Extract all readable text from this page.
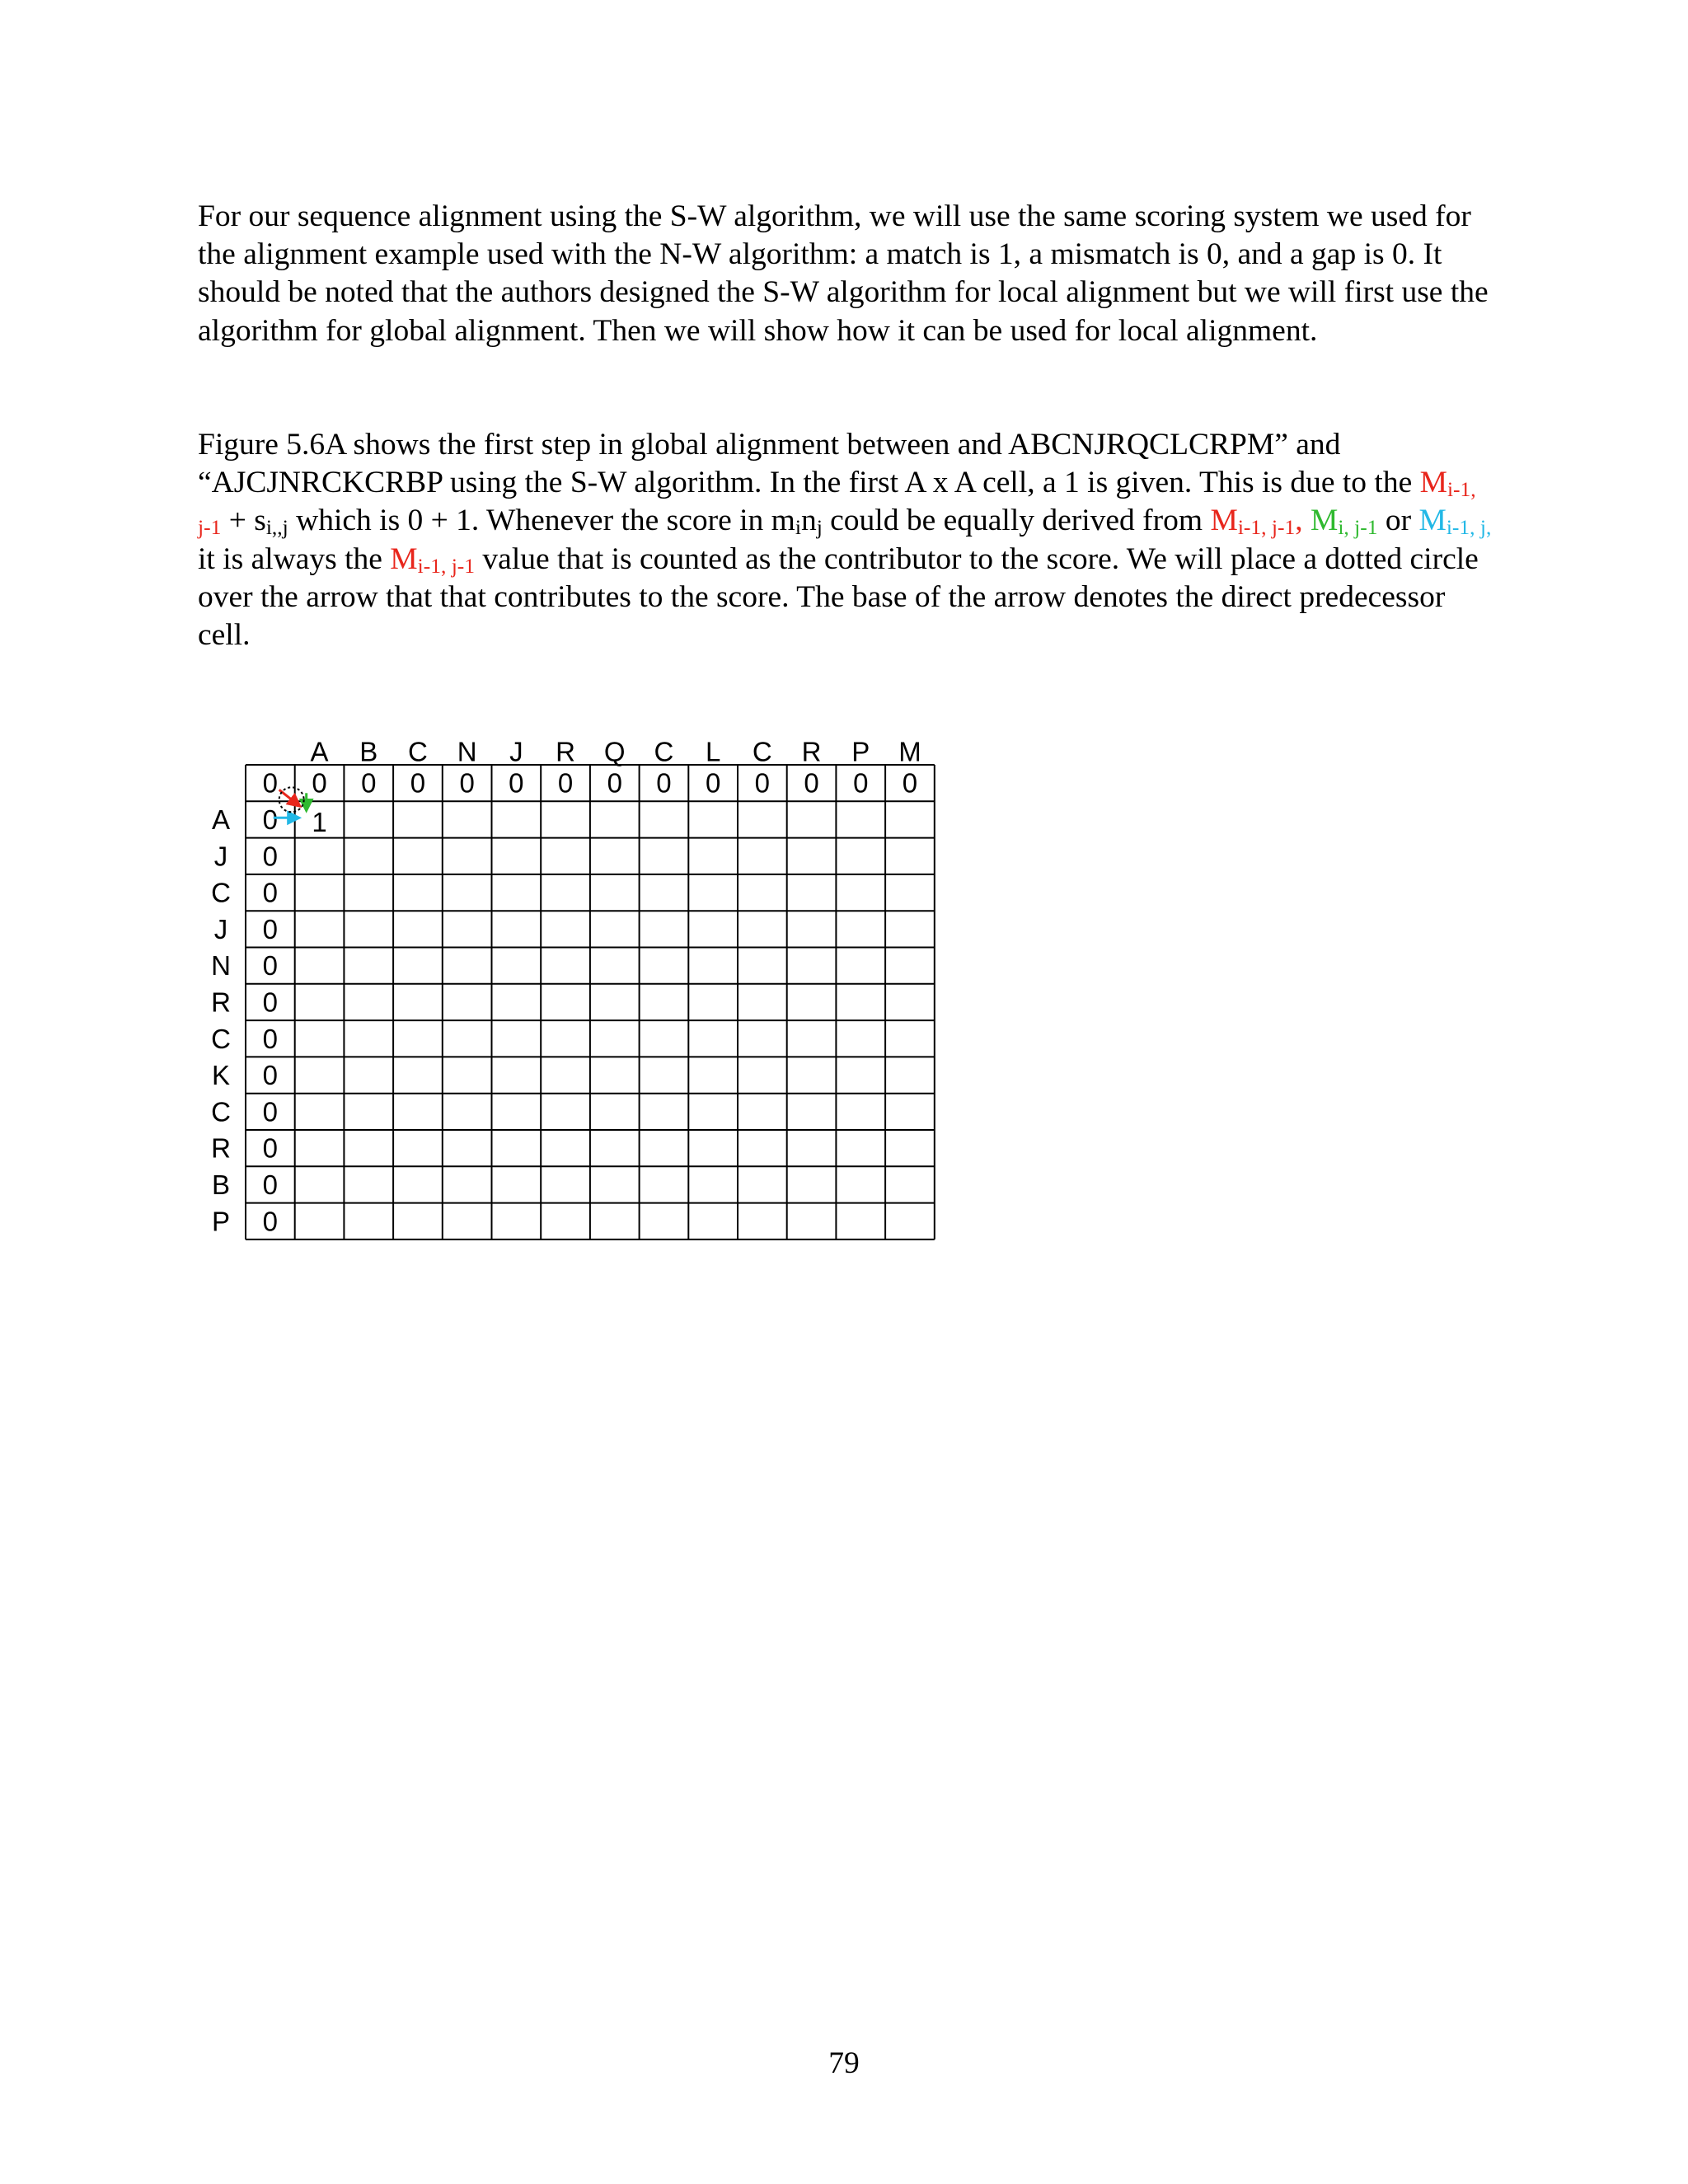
For our sequence alignment using the S-W algorithm, we will use the same scoring system we used for the alignment example used with the N-W algorithm: a match is 1, a mismatch is 0, and a gap is 0. It should be noted that the authors designed the S-W algorithm for local alignment but we will first use the algorithm for global alignment. Then we will show how it can be used for local alignment.

Figure 5.6A shows the first step in global alignment between and ABCNJRQCLCRPM” and “AJCJNRCKCRBP using the S-W algorithm. In the first A x A cell, a 1 is given. This is due to the $M_{i-1, j-1} + s_{i,,j}$ which is 0 + 1. Whenever the score in $m_in_j$ could be equally derived from $M_{i-1, j-1}$, $M_{i, j-1}$ or $M_{i-1, j,}$ it is always the $M_{i-1, j-1}$ value that is counted as the contributor to the score. We will place a dotted circle over the arrow that that contributes to the score. The base of the arrow denotes the direct predecessor cell.

A B C N J R Q C L C R P M
A
J
C
J
N
R
C
K
C
R
B
P
0 0 0 0 0 0 0 0 0 0 0 0 0 0
0
0
0
0
0
0
0
0
0
0
0
0
1
79
